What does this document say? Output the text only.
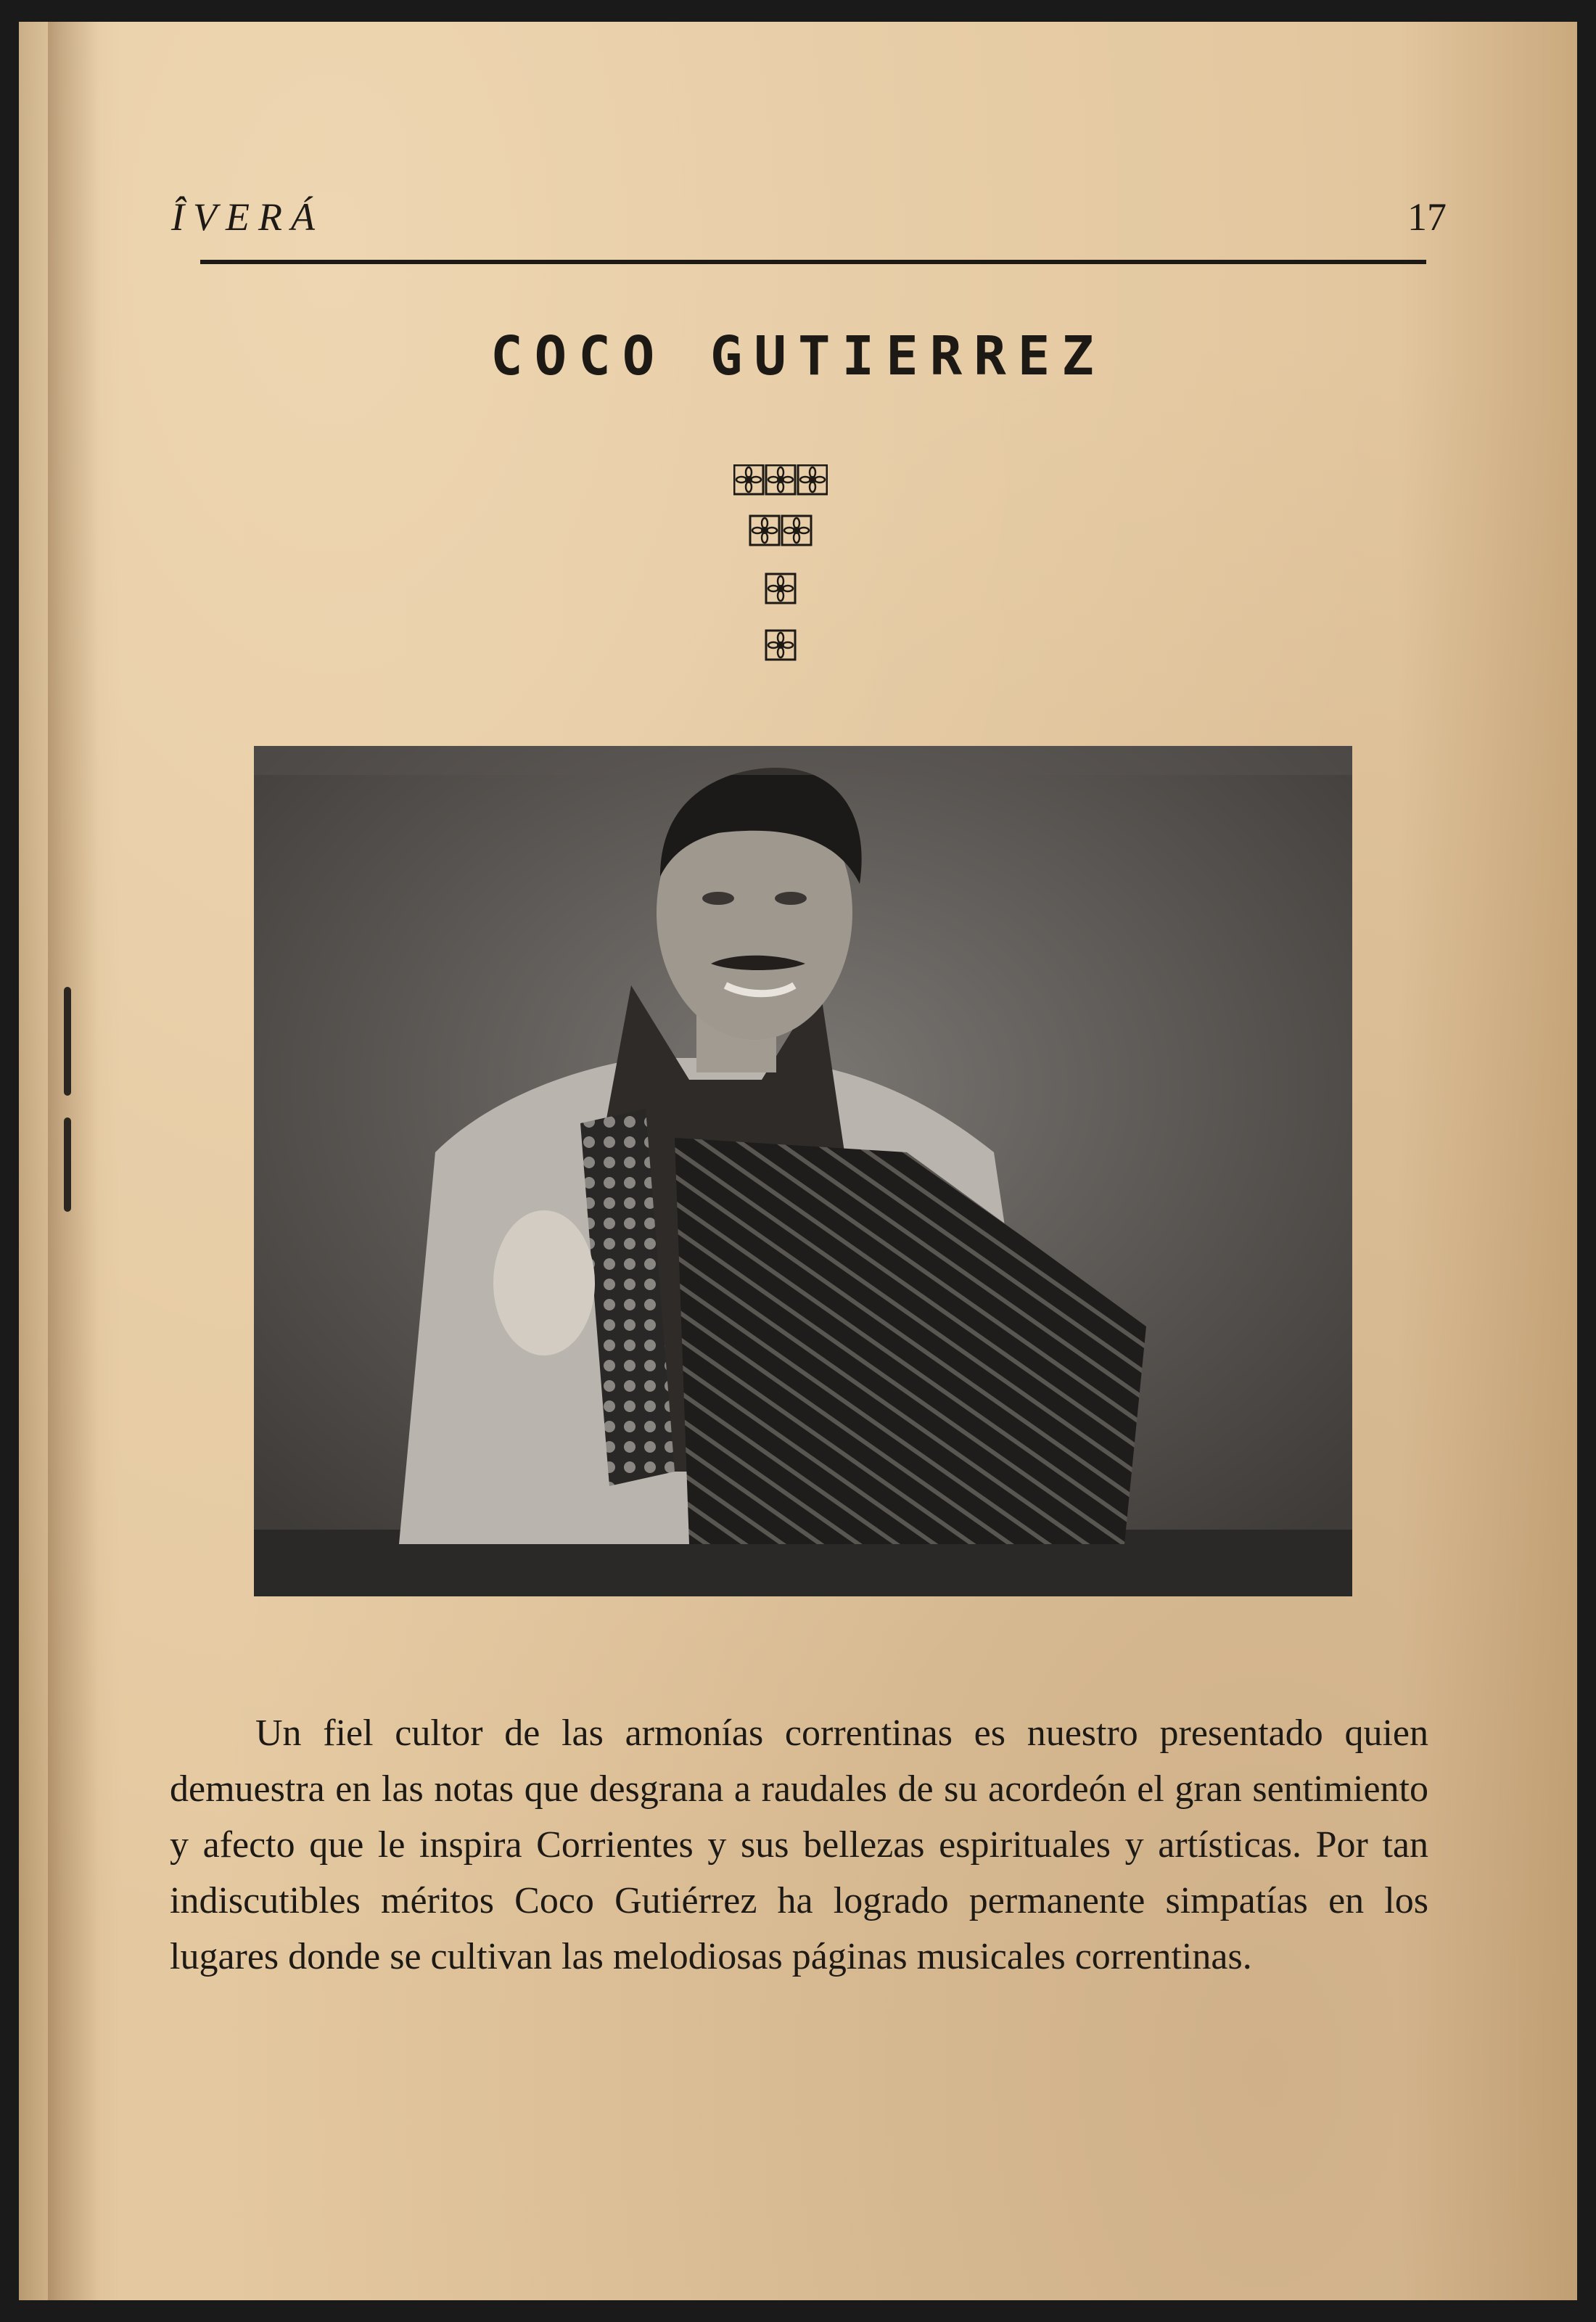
ÎVERÁ	17
COCO GUTIERREZ

Un fiel cultor de las armonías correntinas es nuestro presentado quien demuestra en las notas que desgrana a raudales de su acordeón el gran sentimiento y afecto que le inspira Corrientes y sus bellezas espirituales y artísticas. Por tan indiscutibles méritos Coco Gutiérrez ha logrado permanente simpatías en los lugares donde se cultivan las melodiosas páginas musicales correntinas.
